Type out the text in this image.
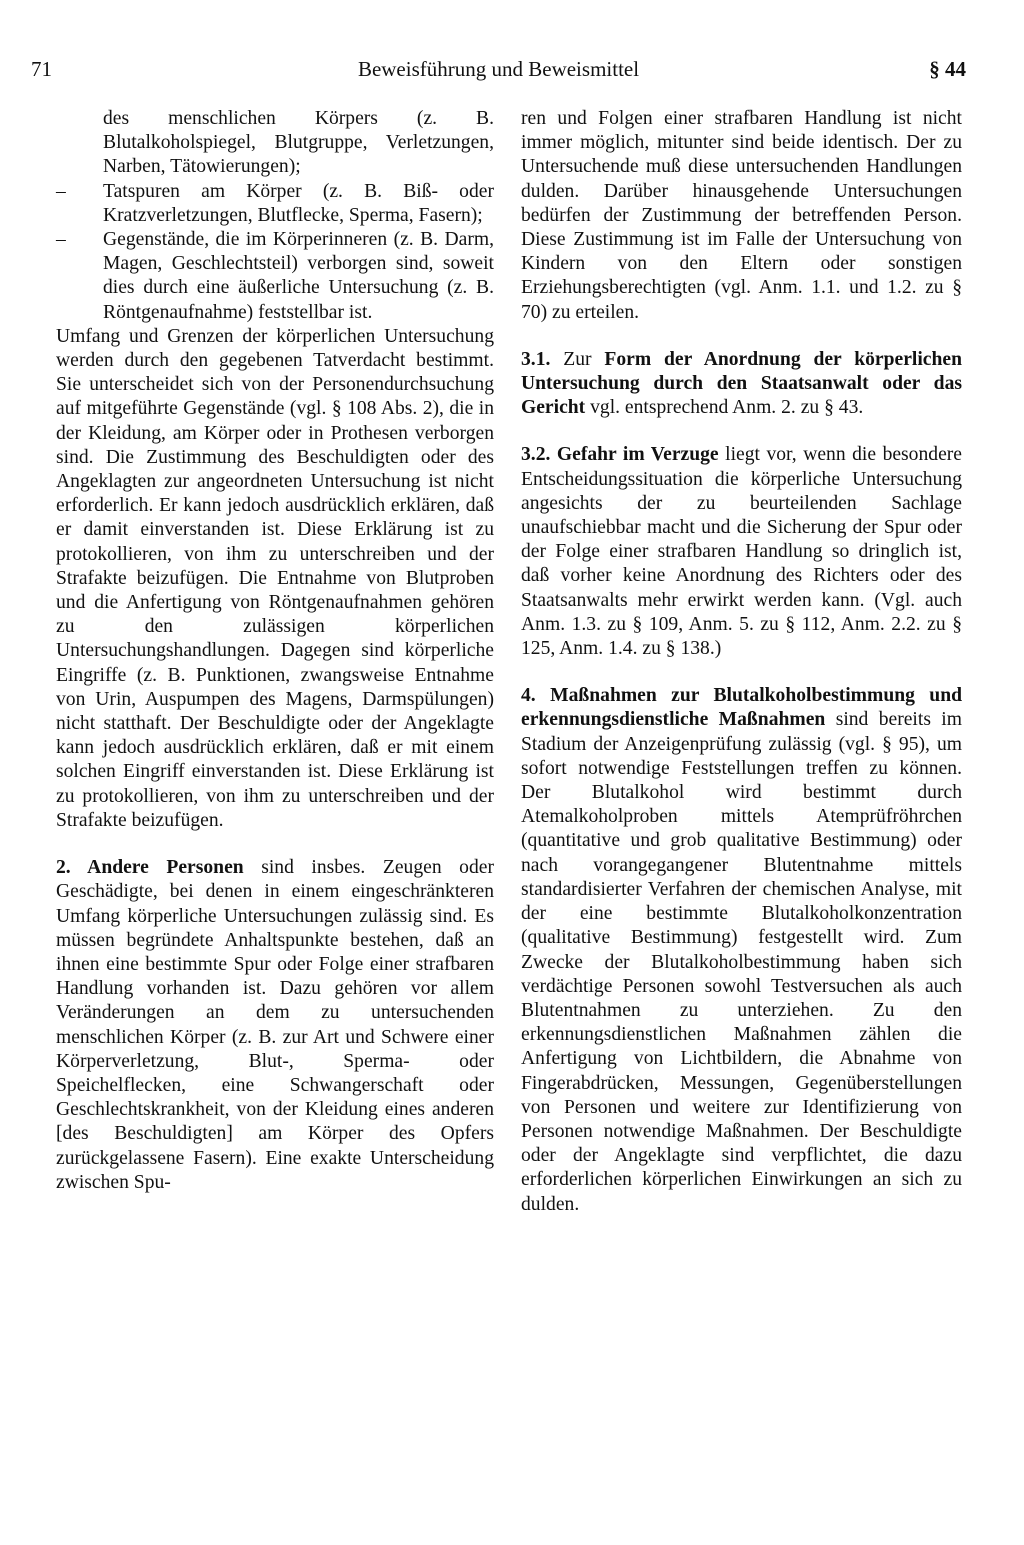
71	Beweisführung und Beweismittel	§ 44
des menschlichen Körpers (z. B. Blutalkoholspiegel, Blutgruppe, Verletzungen, Narben, Tätowierungen);
– Tatspuren am Körper (z. B. Biß- oder Kratzverletzungen, Blutflecke, Sperma, Fasern);
– Gegenstände, die im Körperinneren (z. B. Darm, Magen, Geschlechtsteil) verborgen sind, soweit dies durch eine äußerliche Untersuchung (z. B. Röntgenaufnahme) feststellbar ist.

Umfang und Grenzen der körperlichen Untersuchung werden durch den gegebenen Tatverdacht bestimmt. Sie unterscheidet sich von der Personendurchsuchung auf mitgeführte Gegenstände (vgl. § 108 Abs. 2), die in der Kleidung, am Körper oder in Prothesen verborgen sind. Die Zustimmung des Beschuldigten oder des Angeklagten zur angeordneten Untersuchung ist nicht erforderlich. Er kann jedoch ausdrücklich erklären, daß er damit einverstanden ist. Diese Erklärung ist zu protokollieren, von ihm zu unterschreiben und der Strafakte beizufügen. Die Entnahme von Blutproben und die Anfertigung von Röntgenaufnahmen gehören zu den zulässigen körperlichen Untersuchungshandlungen. Dagegen sind körperliche Eingriffe (z. B. Punktionen, zwangsweise Entnahme von Urin, Auspumpen des Magens, Darmspülungen) nicht statthaft. Der Beschuldigte oder der Angeklagte kann jedoch ausdrücklich erklären, daß er mit einem solchen Eingriff einverstanden ist. Diese Erklärung ist zu protokollieren, von ihm zu unterschreiben und der Strafakte beizufügen.

2. Andere Personen sind insbes. Zeugen oder Geschädigte, bei denen in einem eingeschränkteren Umfang körperliche Untersuchungen zulässig sind. Es müssen begründete Anhaltspunkte bestehen, daß an ihnen eine bestimmte Spur oder Folge einer strafbaren Handlung vorhanden ist. Dazu gehören vor allem Veränderungen an dem zu untersuchenden menschlichen Körper (z. B. zur Art und Schwere einer Körperverletzung, Blut-, Sperma- oder Speichelflecken, eine Schwangerschaft oder Geschlechtskrankheit, von der Kleidung eines anderen [des Beschuldigten] am Körper des Opfers zurückgelassene Fasern). Eine exakte Unterscheidung zwischen Spu-

ren und Folgen einer strafbaren Handlung ist nicht immer möglich, mitunter sind beide identisch. Der zu Untersuchende muß diese untersuchenden Handlungen dulden. Darüber hinausgehende Untersuchungen bedürfen der Zustimmung der betreffenden Person. Diese Zustimmung ist im Falle der Untersuchung von Kindern von den Eltern oder sonstigen Erziehungsberechtigten (vgl. Anm. 1.1. und 1.2. zu § 70) zu erteilen.

3.1. Zur Form der Anordnung der körperlichen Untersuchung durch den Staatsanwalt oder das Gericht vgl. entsprechend Anm. 2. zu § 43.

3.2. Gefahr im Verzuge liegt vor, wenn die besondere Entscheidungssituation die körperliche Untersuchung angesichts der zu beurteilenden Sachlage unaufschiebbar macht und die Sicherung der Spur oder der Folge einer strafbaren Handlung so dringlich ist, daß vorher keine Anordnung des Richters oder des Staatsanwalts mehr erwirkt werden kann. (Vgl. auch Anm. 1.3. zu § 109, Anm. 5. zu § 112, Anm. 2.2. zu § 125, Anm. 1.4. zu § 138.)

4. Maßnahmen zur Blutalkoholbestimmung und erkennungsdienstliche Maßnahmen sind bereits im Stadium der Anzeigenprüfung zulässig (vgl. § 95), um sofort notwendige Feststellungen treffen zu können. Der Blutalkohol wird bestimmt durch Atemalkoholproben mittels Atemprüfröhrchen (quantitative und grob qualitative Bestimmung) oder nach vorangegangener Blutentnahme mittels standardisierter Verfahren der chemischen Analyse, mit der eine bestimmte Blutalkoholkonzentration (qualitative Bestimmung) festgestellt wird. Zum Zwecke der Blutalkoholbestimmung haben sich verdächtige Personen sowohl Testversuchen als auch Blutentnahmen zu unterziehen. Zu den erkennungsdienstlichen Maßnahmen zählen die Anfertigung von Lichtbildern, die Abnahme von Fingerabdrücken, Messungen, Gegenüberstellungen von Personen und weitere zur Identifizierung von Personen notwendige Maßnahmen. Der Beschuldigte oder der Angeklagte sind verpflichtet, die dazu erforderlichen körperlichen Einwirkungen an sich zu dulden.
